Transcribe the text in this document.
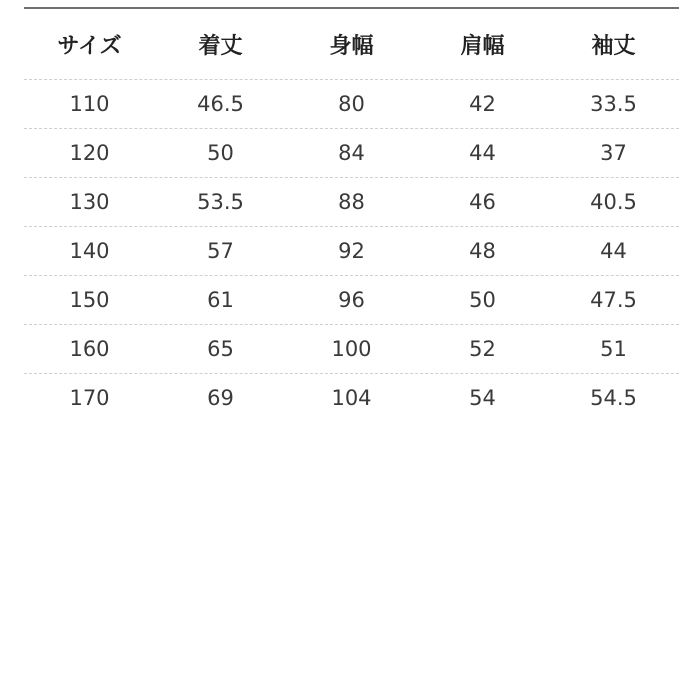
サイズ	着丈	身幅	肩幅	袖丈
110	46.5	80	42	33.5
120	50	84	44	37
130	53.5	88	46	40.5
140	57	92	48	44
150	61	96	50	47.5
160	65	100	52	51
170	69	104	54	54.5
